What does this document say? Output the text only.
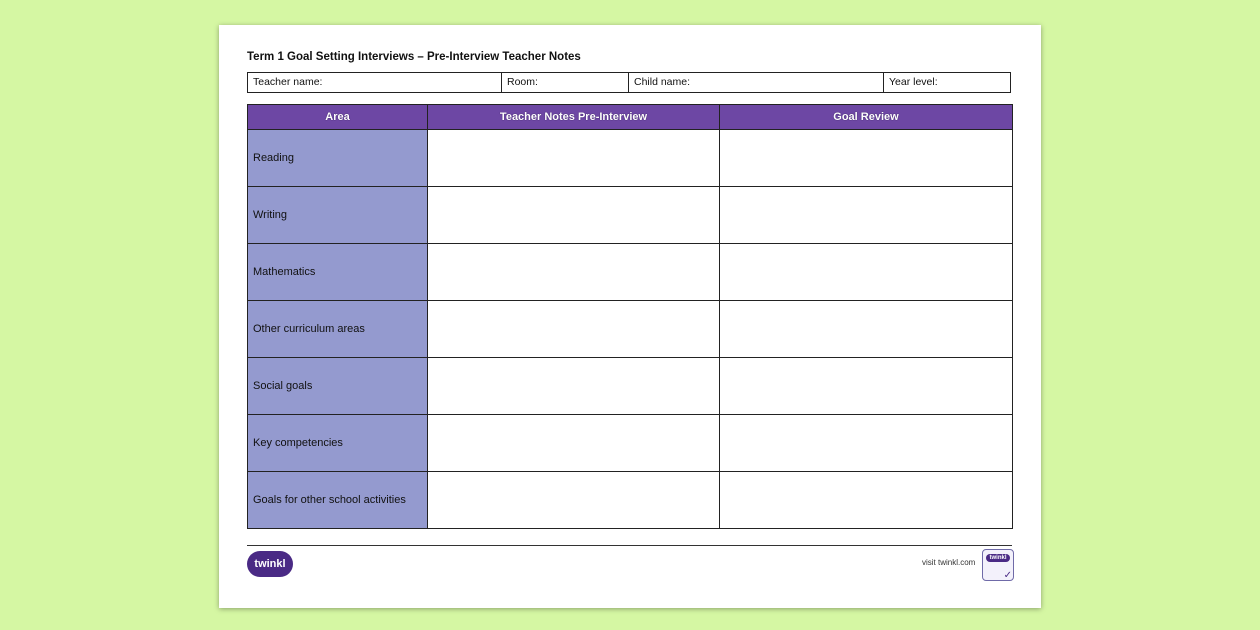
Term 1 Goal Setting Interviews – Pre-Interview Teacher Notes
Teacher name:	Room:	Child name:	Year level:
Area	Teacher Notes Pre-Interview	Goal Review
Reading		
Writing		
Mathematics		
Other curriculum areas		
Social goals		
Key competencies		
Goals for other school activities		
twinkl	visit twinkl.com	twinkl
✓
